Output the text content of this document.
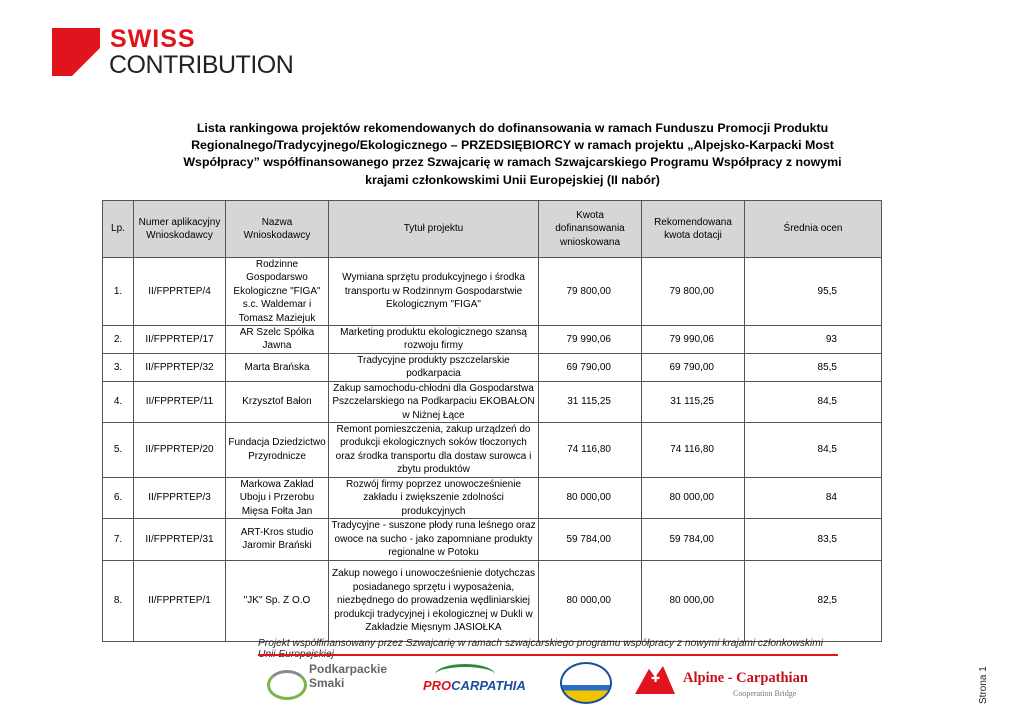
SWISS
CONTRIBUTION
Lista rankingowa projektów rekomendowanych do dofinansowania w ramach Funduszu Promocji Produktu Regionalnego/Tradycyjnego/Ekologicznego – PRZEDSIĘBIORCY w ramach projektu „Alpejsko-Karpacki Most Współpracy” współfinansowanego przez Szwajcarię w ramach Szwajcarskiego Programu Współpracy z nowymi krajami członkowskimi Unii Europejskiej (II nabór)
Lp.	Numer aplikacyjny Wnioskodawcy	Nazwa Wnioskodawcy	Tytuł projektu	Kwota dofinansowania wnioskowana	Rekomendowana kwota dotacji	Średnia ocen
1.	II/FPPRTEP/4	Rodzinne Gospodarswo Ekologiczne "FIGA" s.c. Waldemar i Tomasz Maziejuk	Wymiana sprzętu produkcyjnego i środka transportu w Rodzinnym Gospodarstwie Ekologicznym "FIGA"	79 800,00	79 800,00	95,5
2.	II/FPPRTEP/17	AR Szelc Spółka Jawna	Marketing produktu ekologicznego szansą rozwoju firmy	79 990,06	79 990,06	93
3.	II/FPPRTEP/32	Marta Brańska	Tradycyjne produkty pszczelarskie podkarpacia	69 790,00	69 790,00	85,5
4.	II/FPPRTEP/11	Krzysztof Bałon	Zakup samochodu-chłodni dla Gospodarstwa Pszczelarskiego na Podkarpaciu EKOBAŁON w Niżnej Łące	31 115,25	31 115,25	84,5
5.	II/FPPRTEP/20	Fundacja Dziedzictwo Przyrodnicze	Remont pomieszczenia, zakup urządzeń do produkcji ekologicznych soków tłoczonych oraz środka transportu dla dostaw surowca i zbytu produktów	74 116,80	74 116,80	84,5
6.	II/FPPRTEP/3	Markowa Zakład Uboju i Przerobu Mięsa Fołta Jan	Rozwój firmy poprzez unowocześnienie zakładu i zwiększenie zdolności produkcyjnych	80 000,00	80 000,00	84
7.	II/FPPRTEP/31	ART-Kros studio Jaromir Brański	Tradycyjne - suszone płody runa leśnego oraz owoce na sucho - jako zapomniane produkty regionalne w Potoku	59 784,00	59 784,00	83,5
8.	II/FPPRTEP/1	"JK" Sp. Z O.O	Zakup nowego i unowocześnienie dotychczas posiadanego sprzętu i wyposażenia, niezbędnego do prowadzenia wędliniarskiej produkcji tradycyjnej i ekologicznej w Dukli w Zakładzie Mięsnym JASIOŁKA	80 000,00	80 000,00	82,5
Projekt współfinansowany przez Szwajcarię w ramach szwajcarskiego programu współpracy z nowymi krajami członkowskimi
Podkarpackie
Smaki	PROCARPATHIA	✚ Alpine - Carpathian
Cooperation Bridge	Strona 1
